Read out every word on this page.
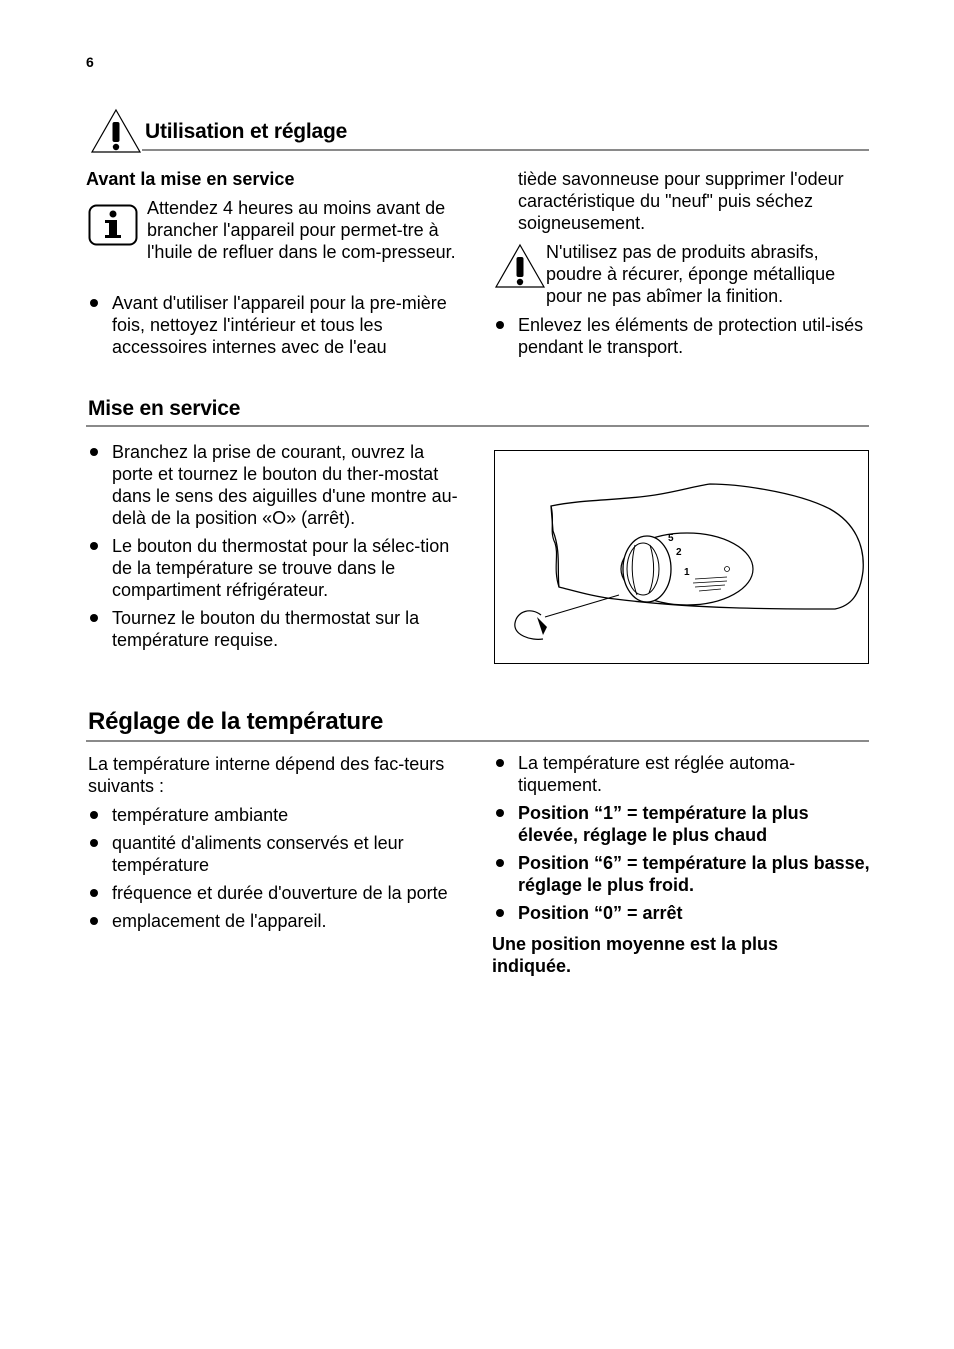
6
Utilisation et réglage
Avant la mise en service
Attendez 4 heures au moins avant de brancher l'appareil pour permet-tre à l'huile de refluer dans le com-presseur.
Avant d'utiliser l'appareil pour la pre-mière fois, nettoyez l'intérieur et tous les accessoires internes avec de l'eau
tiède savonneuse pour supprimer l'odeur caractéristique du "neuf" puis séchez soigneusement.
N'utilisez pas de produits abrasifs, poudre à récurer, éponge métallique pour ne pas abîmer la finition.
Enlevez les éléments de protection util-isés pendant le transport.
Mise en service
Branchez la prise de courant, ouvrez la porte et tournez le bouton du ther-mostat dans le sens des aiguilles d'une montre au-delà de la position «O» (arrêt).
Le bouton du thermostat pour la sélec-tion de la température se trouve dans le compartiment réfrigérateur.
Tournez le bouton du thermostat sur la température requise.
5
2
1
Réglage de la température
La température interne dépend des fac-teurs suivants :
température ambiante
quantité d'aliments conservés et leur température
fréquence et durée d'ouverture de la porte
emplacement de l'appareil.
La température est réglée automa-tiquement.
Position “1” = température la plus élevée, réglage le plus chaud
Position “6” = température la plus basse, réglage le plus froid.
Position “0” = arrêt
Une position moyenne est la plus indiquée.
